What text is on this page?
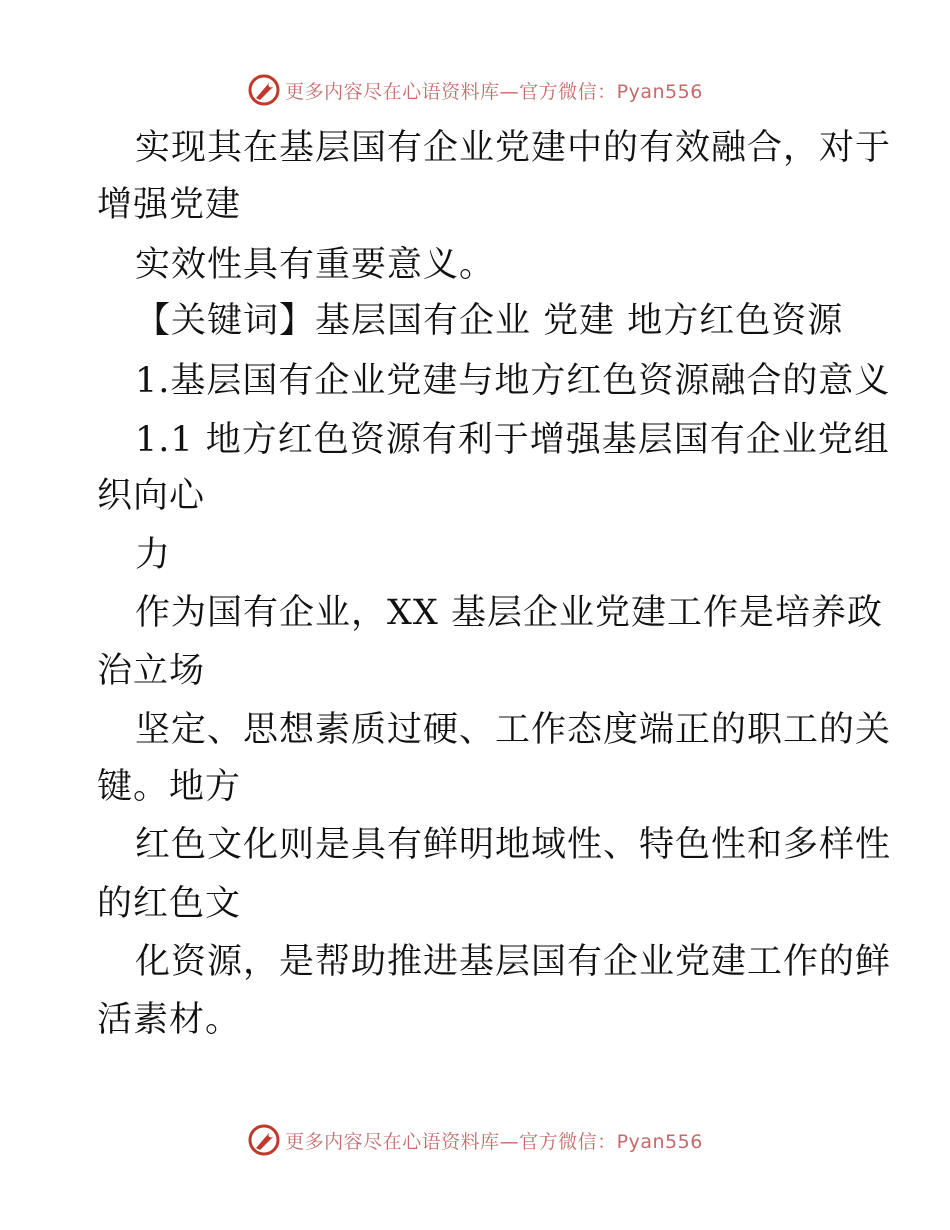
更多内容尽在心语资料库—官方微信：Pyan556
实现其在基层国有企业党建中的有效融合，对于
增强党建
实效性具有重要意义。
【关键词】基层国有企业 党建 地方红色资源
1.基层国有企业党建与地方红色资源融合的意义
1.1 地方红色资源有利于增强基层国有企业党组
织向心
力
作为国有企业，XX 基层企业党建工作是培养政
治立场
坚定、思想素质过硬、工作态度端正的职工的关
键。地方
红色文化则是具有鲜明地域性、特色性和多样性
的红色文
化资源，是帮助推进基层国有企业党建工作的鲜
活素材。
更多内容尽在心语资料库—官方微信：Pyan556
